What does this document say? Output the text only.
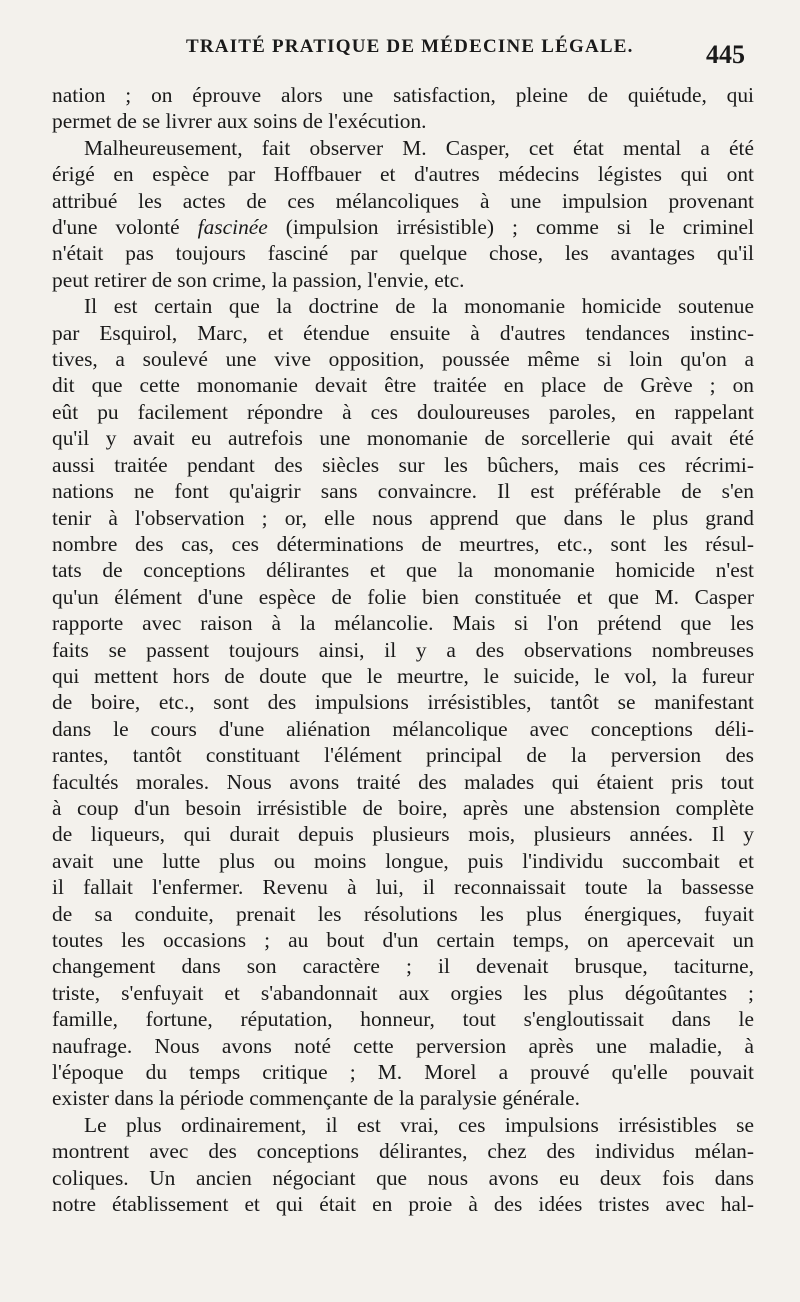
TRAITÉ PRATIQUE DE MÉDECINE LÉGALE.	445
nation ; on éprouve alors une satisfaction, pleine de quiétude, qui
permet de se livrer aux soins de l'exécution.
Malheureusement, fait observer M. Casper, cet état mental a été
érigé en espèce par Hoffbauer et d'autres médecins légistes qui ont
attribué les actes de ces mélancoliques à une impulsion provenant
d'une volonté fascinée (impulsion irrésistible) ; comme si le criminel
n'était pas toujours fasciné par quelque chose, les avantages qu'il
peut retirer de son crime, la passion, l'envie, etc.
Il est certain que la doctrine de la monomanie homicide soutenue
par Esquirol, Marc, et étendue ensuite à d'autres tendances instinc-
tives, a soulevé une vive opposition, poussée même si loin qu'on a
dit que cette monomanie devait être traitée en place de Grève ; on
eût pu facilement répondre à ces douloureuses paroles, en rappelant
qu'il y avait eu autrefois une monomanie de sorcellerie qui avait été
aussi traitée pendant des siècles sur les bûchers, mais ces récrimi-
nations ne font qu'aigrir sans convaincre. Il est préférable de s'en
tenir à l'observation ; or, elle nous apprend que dans le plus grand
nombre des cas, ces déterminations de meurtres, etc., sont les résul-
tats de conceptions délirantes et que la monomanie homicide n'est
qu'un élément d'une espèce de folie bien constituée et que M. Casper
rapporte avec raison à la mélancolie. Mais si l'on prétend que les
faits se passent toujours ainsi, il y a des observations nombreuses
qui mettent hors de doute que le meurtre, le suicide, le vol, la fureur
de boire, etc., sont des impulsions irrésistibles, tantôt se manifestant
dans le cours d'une aliénation mélancolique avec conceptions déli-
rantes, tantôt constituant l'élément principal de la perversion des
facultés morales. Nous avons traité des malades qui étaient pris tout
à coup d'un besoin irrésistible de boire, après une abstension complète
de liqueurs, qui durait depuis plusieurs mois, plusieurs années. Il y
avait une lutte plus ou moins longue, puis l'individu succombait et
il fallait l'enfermer. Revenu à lui, il reconnaissait toute la bassesse
de sa conduite, prenait les résolutions les plus énergiques, fuyait
toutes les occasions ; au bout d'un certain temps, on apercevait un
changement dans son caractère ; il devenait brusque, taciturne,
triste, s'enfuyait et s'abandonnait aux orgies les plus dégoûtantes ;
famille, fortune, réputation, honneur, tout s'engloutissait dans le
naufrage. Nous avons noté cette perversion après une maladie, à
l'époque du temps critique ; M. Morel a prouvé qu'elle pouvait
exister dans la période commençante de la paralysie générale.
Le plus ordinairement, il est vrai, ces impulsions irrésistibles se
montrent avec des conceptions délirantes, chez des individus mélan-
coliques. Un ancien négociant que nous avons eu deux fois dans
notre établissement et qui était en proie à des idées tristes avec hal-
